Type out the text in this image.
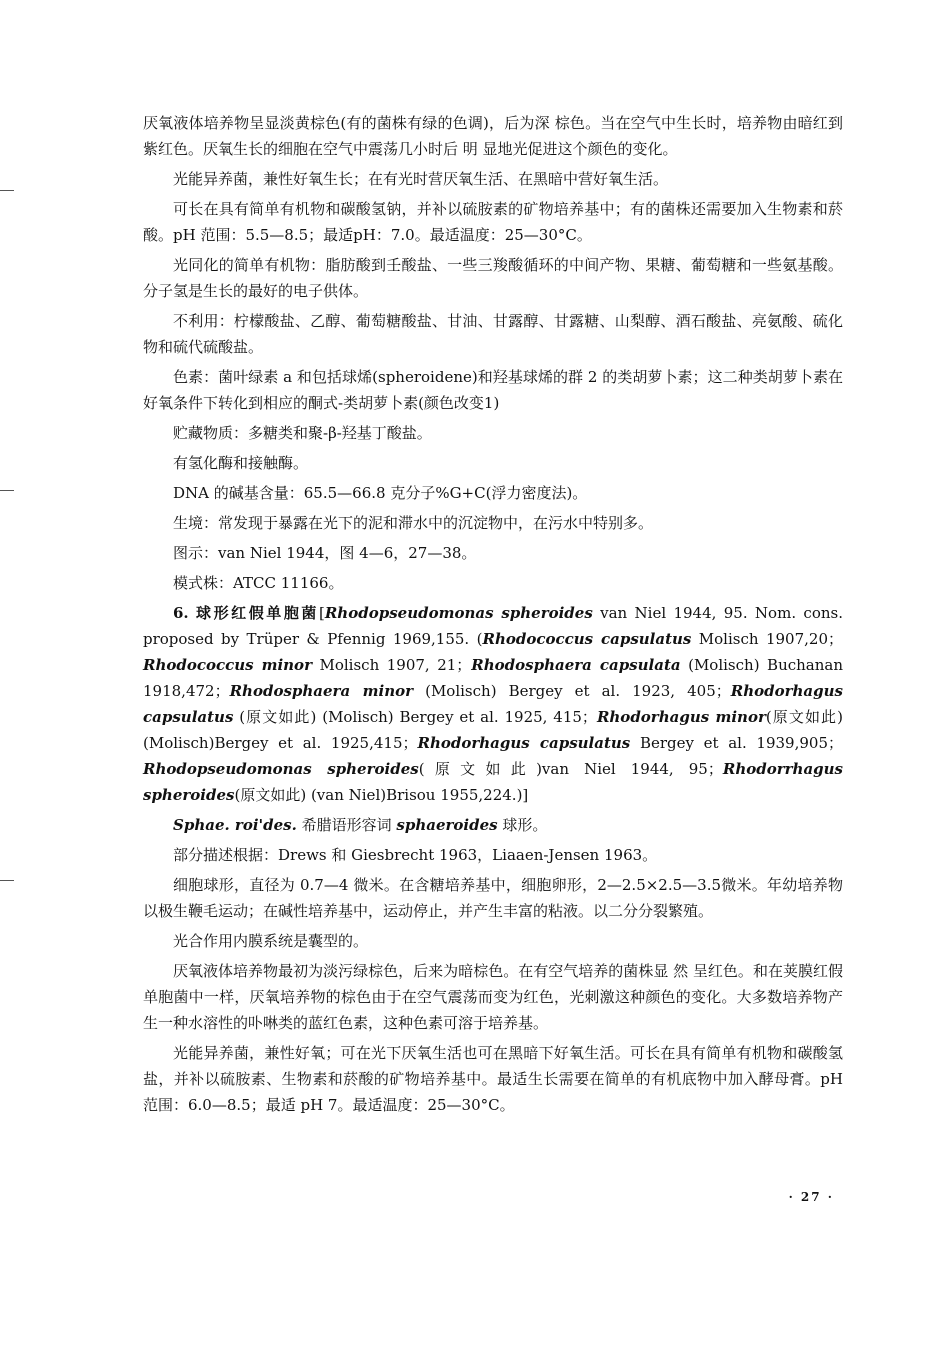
厌氧液体培养物呈显淡黄棕色(有的菌株有绿的色调)，后为深 棕色。当在空气中生长时，培养物由暗红到紫红色。厌氧生长的细胞在空气中震荡几小时后 明 显地光促进这个颜色的变化。

光能异养菌，兼性好氧生长；在有光时营厌氧生活、在黑暗中营好氧生活。

可长在具有简单有机物和碳酸氢钠，并补以硫胺素的矿物培养基中；有的菌株还需要加入生物素和菸酸。pH 范围：5.5—8.5；最适pH：7.0。最适温度：25—30°C。

光同化的简单有机物：脂肪酸到壬酸盐、一些三羧酸循环的中间产物、果糖、葡萄糖和一些氨基酸。分子氢是生长的最好的电子供体。

不利用：柠檬酸盐、乙醇、葡萄糖酸盐、甘油、甘露醇、甘露糖、山梨醇、酒石酸盐、亮氨酸、硫化物和硫代硫酸盐。

色素：菌叶绿素 a 和包括球烯(spheroidene)和羟基球烯的群 2 的类胡萝卜素；这二种类胡萝卜素在好氧条件下转化到相应的酮式-类胡萝卜素(颜色改变1)

贮藏物质：多糖类和聚-β-羟基丁酸盐。

有氢化酶和接触酶。

DNA 的碱基含量：65.5—66.8 克分子%G+C(浮力密度法)。

生境：常发现于暴露在光下的泥和滞水中的沉淀物中，在污水中特别多。

图示：van Niel 1944，图 4—6，27—38。

模式株：ATCC 11166。

6. 球形红假单胞菌[Rhodopseudomonas spheroides van Niel 1944, 95. Nom. cons. proposed by Trüper & Pfennig 1969,155. (Rhodococcus capsulatus Molisch 1907,20；Rhodococcus minor Molisch 1907, 21；Rhodosphaera capsulata (Molisch) Buchanan 1918,472；Rhodosphaera minor (Molisch) Bergey et al. 1923, 405；Rhodorhagus capsulatus (原文如此) (Molisch) Bergey et al. 1925, 415；Rhodorhagus minor(原文如此)(Molisch)Bergey et al. 1925,415；Rhodorhagus capsulatus Bergey et al. 1939,905；Rhodopseudomonas spheroides(原文如此)van Niel 1944, 95；Rhodorrhagus spheroides(原文如此) (van Niel)Brisou 1955,224.)]

Sphae. roi'des. 希腊语形容词 sphaeroides 球形。

部分描述根据：Drews 和 Giesbrecht 1963，Liaaen-Jensen 1963。

细胞球形，直径为 0.7—4 微米。在含糖培养基中，细胞卵形，2—2.5×2.5—3.5微米。年幼培养物以极生鞭毛运动；在碱性培养基中，运动停止，并产生丰富的粘液。以二分分裂繁殖。

光合作用内膜系统是囊型的。

厌氧液体培养物最初为淡污绿棕色，后来为暗棕色。在有空气培养的菌株显 然 呈红色。和在荚膜红假单胞菌中一样，厌氧培养物的棕色由于在空气震荡而变为红色，光刺激这种颜色的变化。大多数培养物产生一种水溶性的卟啉类的蓝红色素，这种色素可溶于培养基。

光能异养菌，兼性好氧；可在光下厌氧生活也可在黑暗下好氧生活。可长在具有简单有机物和碳酸氢盐，并补以硫胺素、生物素和菸酸的矿物培养基中。最适生长需要在简单的有机底物中加入酵母膏。pH 范围：6.0—8.5；最适 pH 7。最适温度：25—30°C。

· 27 ·
